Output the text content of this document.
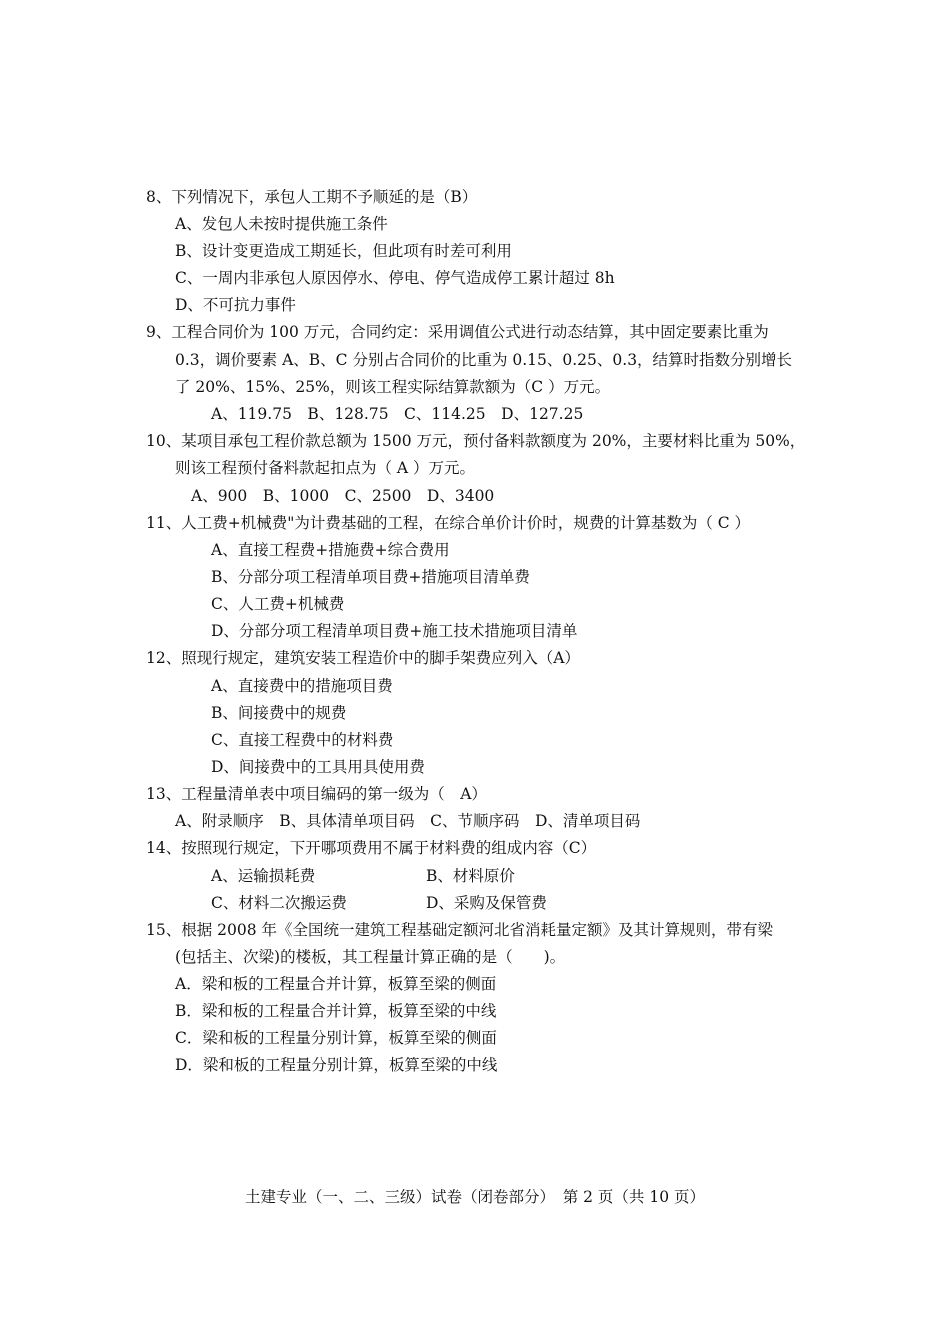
8、下列情况下，承包人工期不予顺延的是（B）
A、发包人未按时提供施工条件
B、设计变更造成工期延长，但此项有时差可利用
C、一周内非承包人原因停水、停电、停气造成停工累计超过 8h
D、不可抗力事件
9、工程合同价为 100 万元，合同约定：采用调值公式进行动态结算，其中固定要素比重为
0.3，调价要素 A、B、C 分别占合同价的比重为 0.15、0.25、0.3，结算时指数分别增长
了 20%、15%、25%，则该工程实际结算款额为（C ）万元。
A、119.75　B、128.75　C、114.25　D、127.25
10、某项目承包工程价款总额为 1500 万元，预付备料款额度为 20%，主要材料比重为 50%，
则该工程预付备料款起扣点为（ A ）万元。
A、900　B、1000　C、2500　D、3400
11、人工费+机械费"为计费基础的工程，在综合单价计价时，规费的计算基数为（ C ）
A、直接工程费+措施费+综合费用
B、分部分项工程清单项目费+措施项目清单费
C、人工费+机械费
D、分部分项工程清单项目费+施工技术措施项目清单
12、照现行规定，建筑安装工程造价中的脚手架费应列入（A）
A、直接费中的措施项目费
B、间接费中的规费
C、直接工程费中的材料费
D、间接费中的工具用具使用费
13、工程量清单表中项目编码的第一级为（　A）
A、附录顺序　B、具体清单项目码　C、节顺序码　D、清单项目码
14、按照现行规定，下开哪项费用不属于材料费的组成内容（C）
A、运输损耗费	B、材料原价
C、材料二次搬运费	D、采购及保管费
15、根据 2008 年《全国统一建筑工程基础定额河北省消耗量定额》及其计算规则，带有梁
(包括主、次梁)的楼板，其工程量计算正确的是（　　)。
A．梁和板的工程量合并计算，板算至梁的侧面
B．梁和板的工程量合并计算，板算至梁的中线
C．梁和板的工程量分别计算，板算至梁的侧面
D．梁和板的工程量分别计算，板算至梁的中线
土建专业（一、二、三级）试卷（闭卷部分）　第 2 页（共 10 页）
